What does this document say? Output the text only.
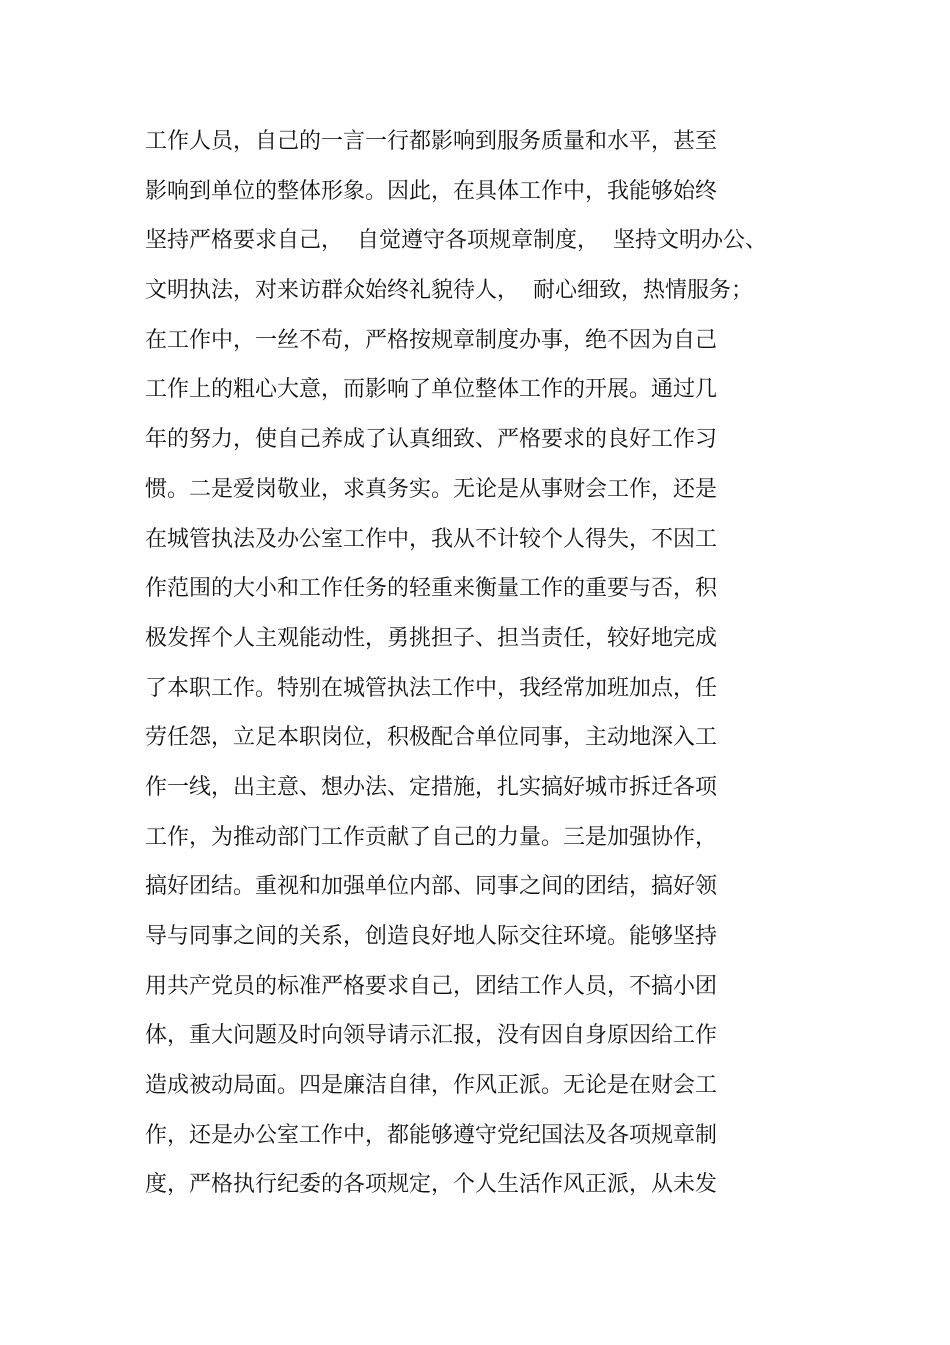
工作人员，自己的一言一行都影响到服务质量和水平，甚至
影响到单位的整体形象。因此，在具体工作中，我能够始终
坚持严格要求自己，  自觉遵守各项规章制度，  坚持文明办公、
文明执法，对来访群众始终礼貌待人，  耐心细致，热情服务；
在工作中，一丝不苟，严格按规章制度办事，绝不因为自己
工作上的粗心大意，而影响了单位整体工作的开展。通过几
年的努力，使自己养成了认真细致、严格要求的良好工作习
惯。二是爱岗敬业，求真务实。无论是从事财会工作，还是
在城管执法及办公室工作中，我从不计较个人得失，不因工
作范围的大小和工作任务的轻重来衡量工作的重要与否，积
极发挥个人主观能动性，勇挑担子、担当责任，较好地完成
了本职工作。特别在城管执法工作中，我经常加班加点，任
劳任怨，立足本职岗位，积极配合单位同事，主动地深入工
作一线，出主意、想办法、定措施，扎实搞好城市拆迁各项
工作，为推动部门工作贡献了自己的力量。三是加强协作，
搞好团结。重视和加强单位内部、同事之间的团结，搞好领
导与同事之间的关系，创造良好地人际交往环境。能够坚持
用共产党员的标准严格要求自己，团结工作人员，不搞小团
体，重大问题及时向领导请示汇报，没有因自身原因给工作
造成被动局面。四是廉洁自律，作风正派。无论是在财会工
作，还是办公室工作中，都能够遵守党纪国法及各项规章制
度，严格执行纪委的各项规定，个人生活作风正派，从未发
